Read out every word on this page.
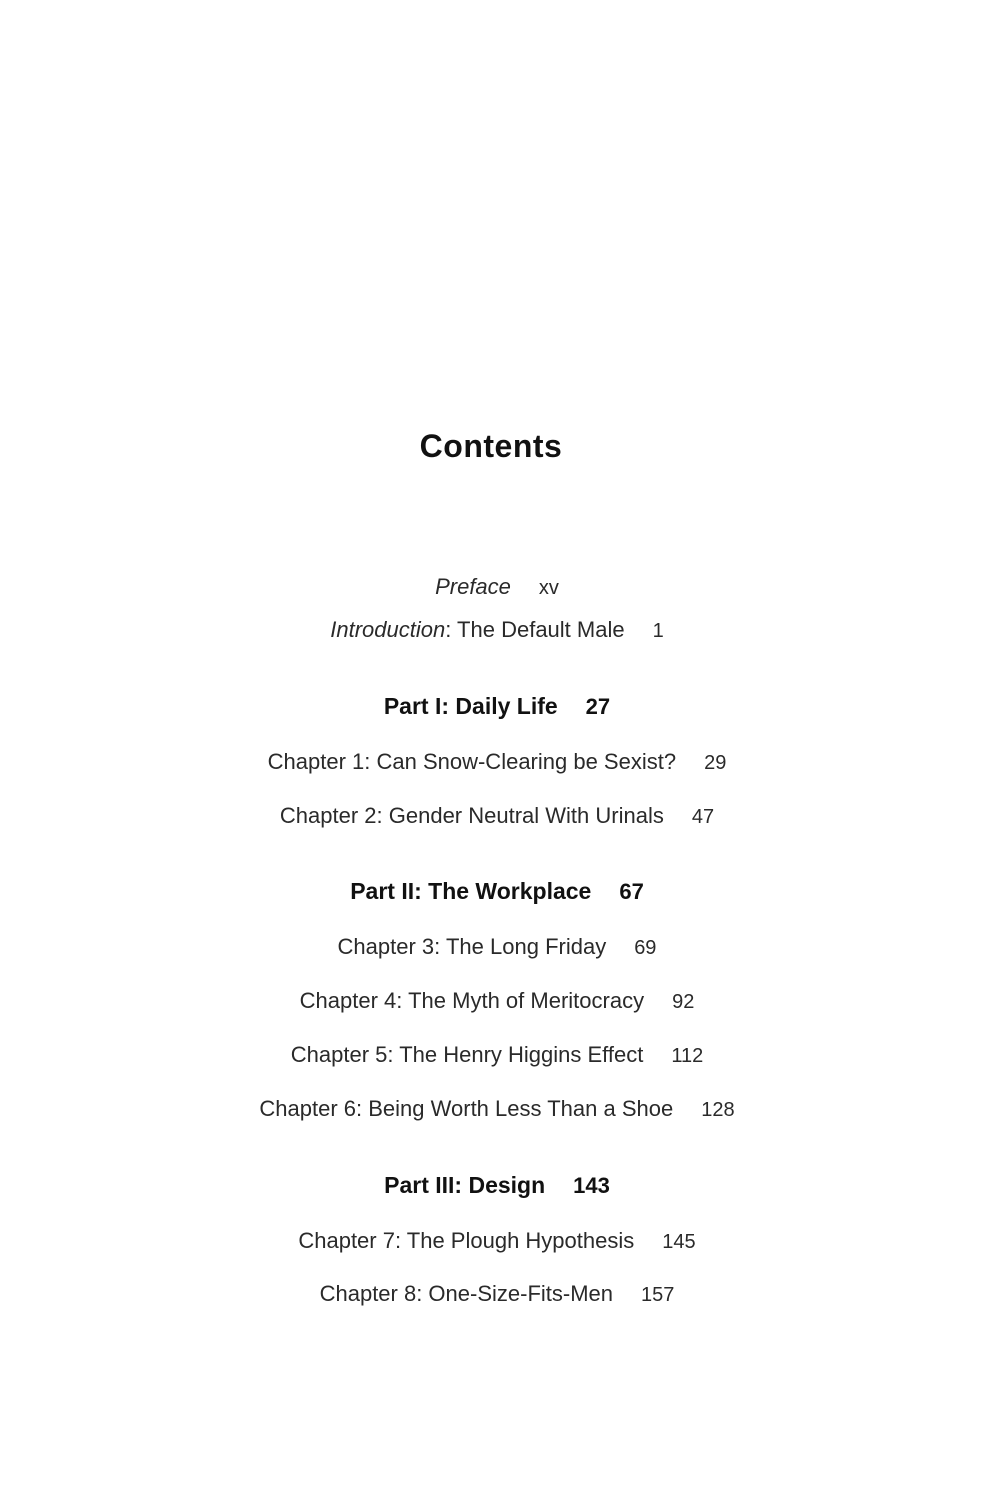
Contents
Preface xv
Introduction: The Default Male 1
Part I: Daily Life 27
Chapter 1: Can Snow-Clearing be Sexist? 29
Chapter 2: Gender Neutral With Urinals 47
Part II: The Workplace 67
Chapter 3: The Long Friday 69
Chapter 4: The Myth of Meritocracy 92
Chapter 5: The Henry Higgins Effect 112
Chapter 6: Being Worth Less Than a Shoe 128
Part III: Design 143
Chapter 7: The Plough Hypothesis 145
Chapter 8: One-Size-Fits-Men 157
